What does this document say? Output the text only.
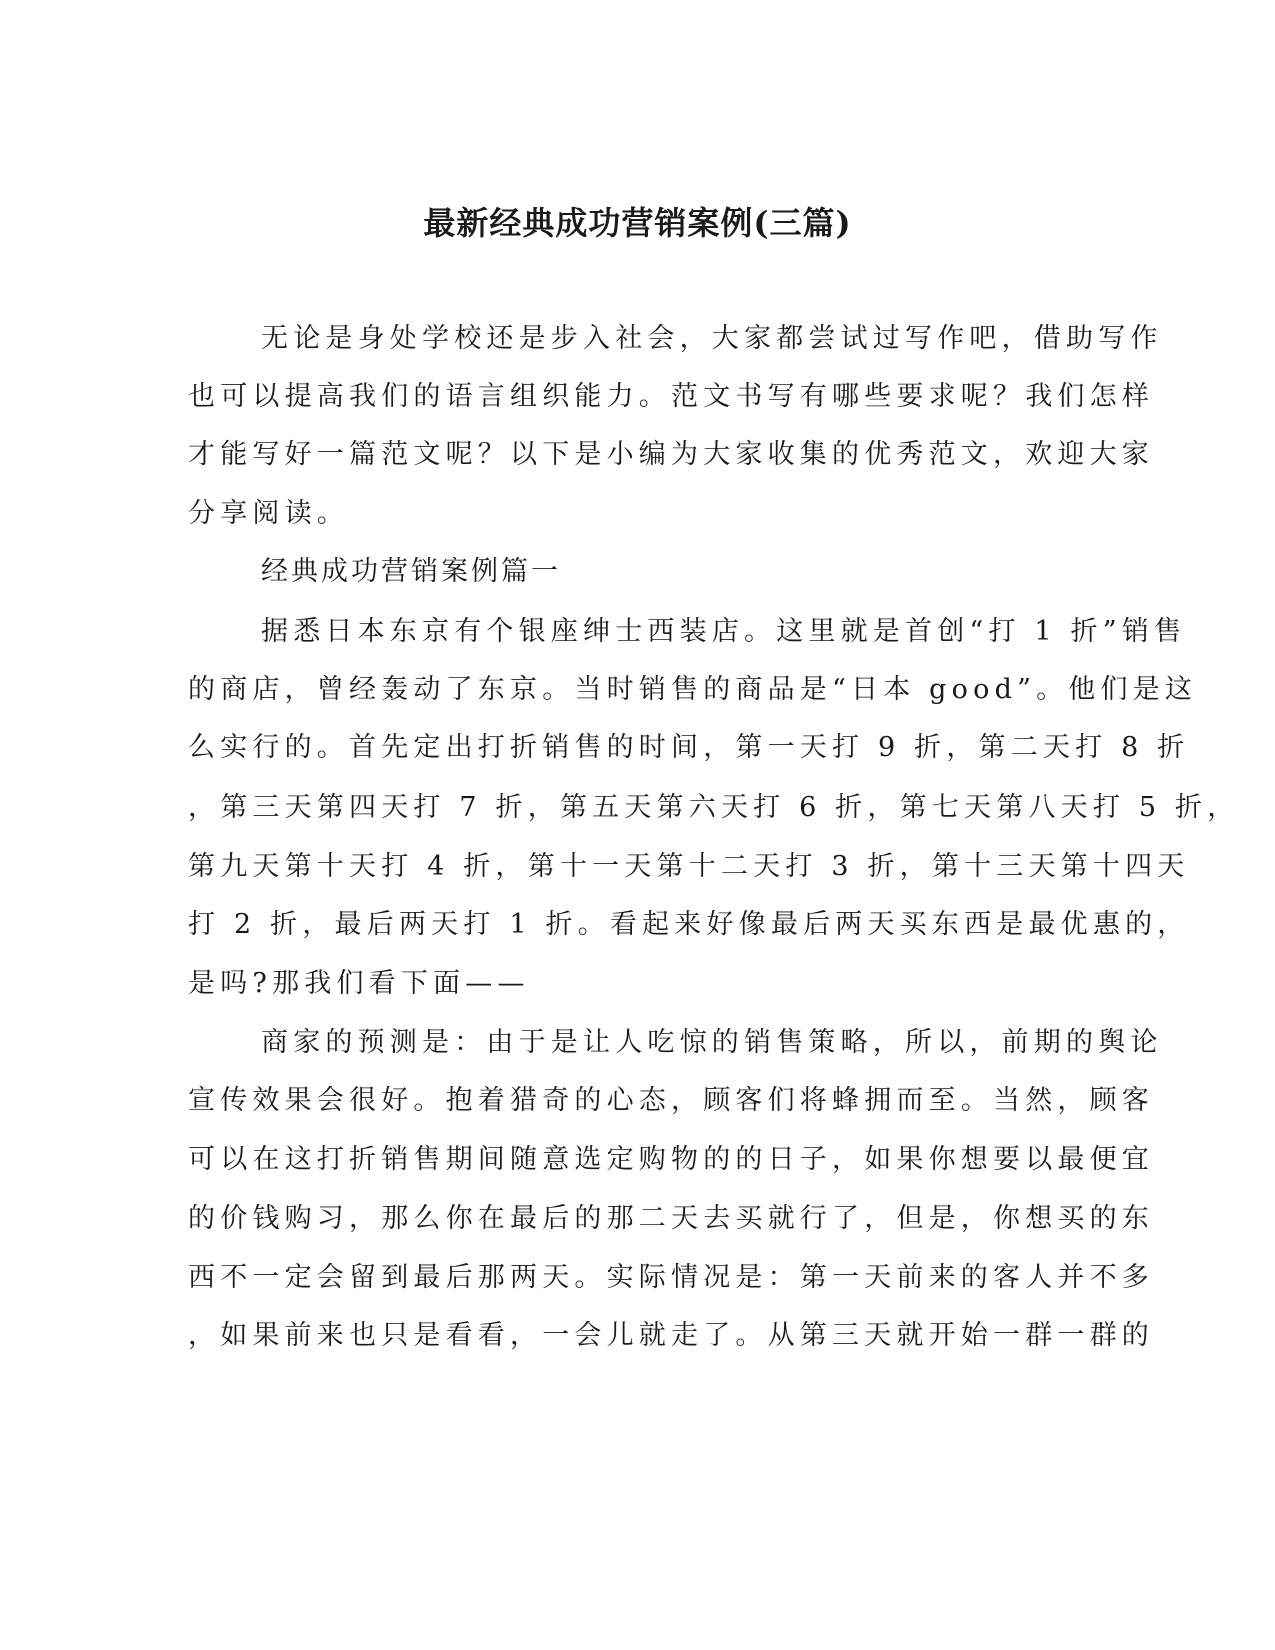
最新经典成功营销案例(三篇)
无论是身处学校还是步入社会，大家都尝试过写作吧，借助写作
也可以提高我们的语言组织能力。范文书写有哪些要求呢？我们怎样
才能写好一篇范文呢？以下是小编为大家收集的优秀范文，欢迎大家
分享阅读。
经典成功营销案例篇一
据悉日本东京有个银座绅士西装店。这里就是首创“打 1 折”销售
的商店，曾经轰动了东京。当时销售的商品是“日本 good”。他们是这
么实行的。首先定出打折销售的时间，第一天打 9 折，第二天打 8 折
，第三天第四天打 7 折，第五天第六天打 6 折，第七天第八天打 5 折，
第九天第十天打 4 折，第十一天第十二天打 3 折，第十三天第十四天
打 2 折，最后两天打 1 折。看起来好像最后两天买东西是最优惠的，
是吗?那我们看下面——
商家的预测是：由于是让人吃惊的销售策略，所以，前期的舆论
宣传效果会很好。抱着猎奇的心态，顾客们将蜂拥而至。当然，顾客
可以在这打折销售期间随意选定购物的的日子，如果你想要以最便宜
的价钱购习，那么你在最后的那二天去买就行了，但是，你想买的东
西不一定会留到最后那两天。实际情况是：第一天前来的客人并不多
，如果前来也只是看看，一会儿就走了。从第三天就开始一群一群的
